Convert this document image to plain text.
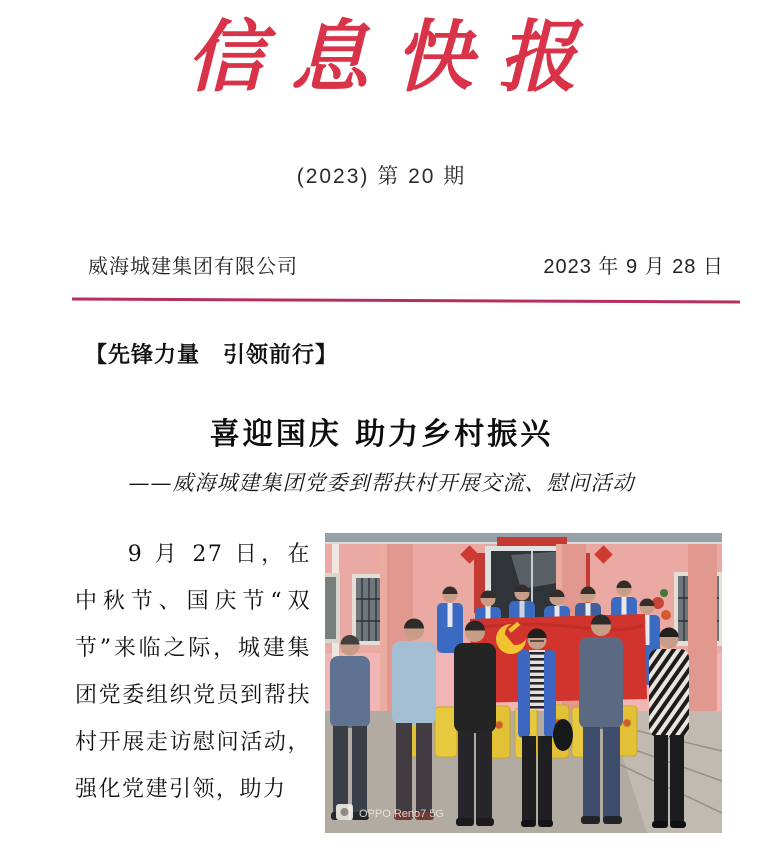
信息快报
(2023) 第 20 期
威海城建集团有限公司	2023 年 9 月 28 日
【先锋力量　引领前行】
喜迎国庆 助力乡村振兴
——威海城建集团党委到帮扶村开展交流、慰问活动
OPPO Reno7 5G

9 月 27 日，在中秋节、国庆节“双节”来临之际，城建集团党委组织党员到帮扶村开展走访慰问活动，强化党建引领，助力
